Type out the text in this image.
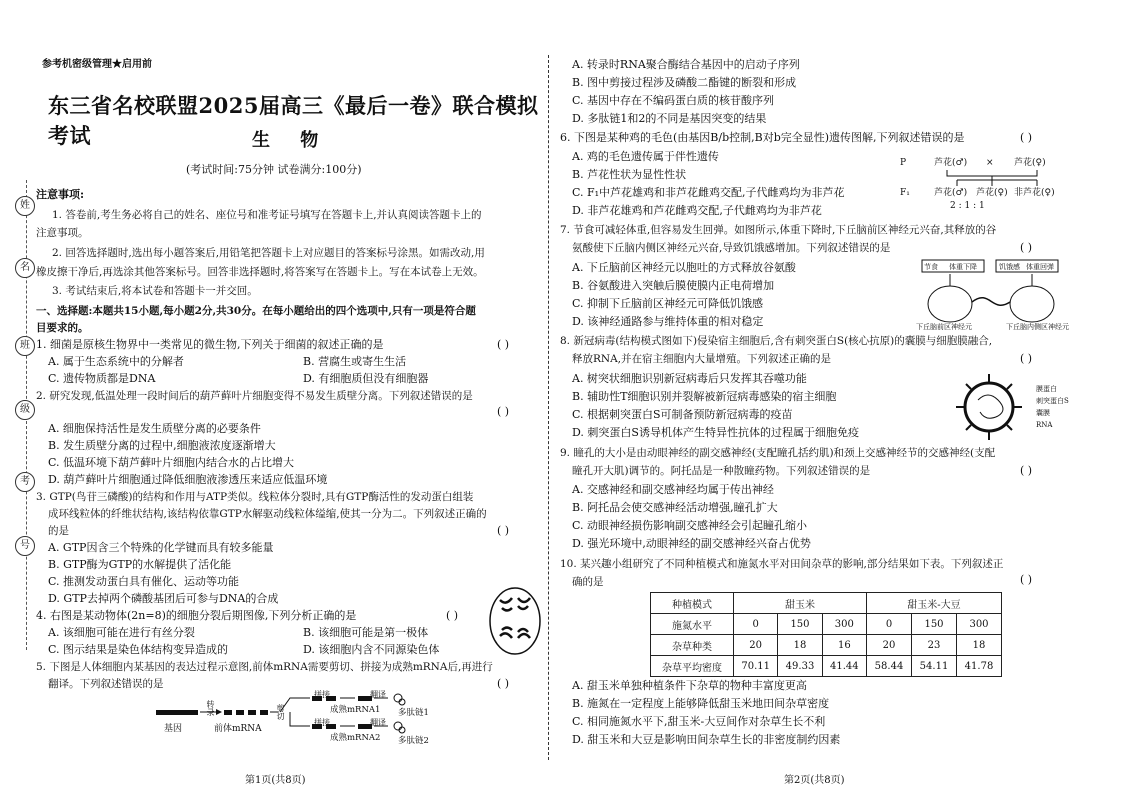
参考机密级管理★启用前
东三省名校联盟2025届高三《最后一卷》联合模拟考试	生 物
(考试时间:75分钟 试卷满分:100分)
姓
名
班
级
考
号
注意事项:
1. 答卷前,考生务必将自己的姓名、座位号和准考证号填写在答题卡上,并认真阅读答题卡上的
注意事项。
2. 回答选择题时,选出每小题答案后,用铅笔把答题卡上对应题目的答案标号涂黑。如需改动,用
橡皮擦干净后,再选涂其他答案标号。回答非选择题时,将答案写在答题卡上。写在本试卷上无效。
3. 考试结束后,将本试卷和答题卡一并交回。
一、选择题:本题共15小题,每小题2分,共30分。在每小题给出的四个选项中,只有一项是符合题
目要求的。
1. 细菌是原核生物界中一类常见的微生物,下列关于细菌的叙述正确的是	( )
A. 属于生态系统中的分解者	B. 营腐生或寄生生活
C. 遗传物质都是DNA	D. 有细胞质但没有细胞器
2. 研究发现,低温处理一段时间后的葫芦藓叶片细胞变得不易发生质壁分离。下列叙述错误的是
( )
A. 细胞保持活性是发生质壁分离的必要条件
B. 发生质壁分离的过程中,细胞液浓度逐渐增大
C. 低温环境下葫芦藓叶片细胞内结合水的占比增大
D. 葫芦藓叶片细胞通过降低细胞液渗透压来适应低温环境
3. GTP(鸟苷三磷酸)的结构和作用与ATP类似。线粒体分裂时,具有GTP酶活性的发动蛋白组装
成环线粒体的纤维状结构,该结构依靠GTP水解驱动线粒体缢缩,使其一分为二。下列叙述正确的
的是	( )
A. GTP因含三个特殊的化学键而具有较多能量
B. GTP酶为GTP的水解提供了活化能
C. 推测发动蛋白具有催化、运动等功能
D. GTP去掉两个磷酸基团后可参与DNA的合成
4. 右图是某动物体(2n=8)的细胞分裂后期图像,下列分析正确的是	( )
A. 该细胞可能在进行有丝分裂	B. 该细胞可能是第一极体
C. 图示结果是染色体结构变异造成的	D. 该细胞内含不同源染色体
5. 下图是人体细胞内某基因的表达过程示意图,前体mRNA需要剪切、拼接为成熟mRNA后,再进行
翻译。下列叙述错误的是	( )
基因
转录
前体mRNA
剪切
拼接
拼接
翻译
翻译
成熟mRNA1
成熟mRNA2
多肽链1
多肽链2
第1页(共8页)
A. 转录时RNA聚合酶结合基因中的启动子序列
B. 图中剪接过程涉及磷酸二酯键的断裂和形成
C. 基因中存在不编码蛋白质的核苷酸序列
D. 多肽链1和2的不同是基因突变的结果
6. 下图是某种鸡的毛色(由基因B/b控制,B对b完全显性)遗传图解,下列叙述错误的是	( )
A. 鸡的毛色遗传属于伴性遗传
B. 芦花性状为显性性状
C. F₁中芦花雄鸡和非芦花雌鸡交配,子代雌鸡均为非芦花
D. 非芦花雄鸡和芦花雌鸡交配,子代雌鸡均为非芦花
P	芦花(♂) × 芦花(♀)
F₁	芦花(♂) 芦花(♀) 非芦花(♀)
2 : 1 : 1
7. 节食可减轻体重,但容易发生回弹。如图所示,体重下降时,下丘脑前区神经元兴奋,其释放的谷
氨酸使下丘脑内侧区神经元兴奋,导致饥饿感增加。下列叙述错误的是	( )
A. 下丘脑前区神经元以胞吐的方式释放谷氨酸
B. 谷氨酸进入突触后膜使膜内正电荷增加
C. 抑制下丘脑前区神经元可降低饥饿感
D. 该神经通路参与维持体重的相对稳定
节食 体重下降	饥饿感 体重回弹
下丘脑前区神经元	下丘脑内侧区神经元
8. 新冠病毒(结构模式图如下)侵染宿主细胞后,含有刺突蛋白S(核心抗原)的囊膜与细胞膜融合,
释放RNA,并在宿主细胞内大量增殖。下列叙述正确的是	( )
A. 树突状细胞识别新冠病毒后只发挥其吞噬功能
B. 辅助性T细胞识别并裂解被新冠病毒感染的宿主细胞
C. 根据刺突蛋白S可制备预防新冠病毒的疫苗
D. 刺突蛋白S诱导机体产生特异性抗体的过程属于细胞免疫
膜蛋白
刺突蛋白S
囊膜
RNA
9. 瞳孔的大小是由动眼神经的副交感神经(支配瞳孔括约肌)和颈上交感神经节的交感神经(支配
瞳孔开大肌)调节的。阿托品是一种散瞳药物。下列叙述错误的是	( )
A. 交感神经和副交感神经均属于传出神经
B. 阿托品会使交感神经活动增强,瞳孔扩大
C. 动眼神经损伤影响副交感神经会引起瞳孔缩小
D. 强光环境中,动眼神经的副交感神经兴奋占优势
10. 某兴趣小组研究了不同种植模式和施氮水平对田间杂草的影响,部分结果如下表。下列叙述正
确的是	( )
A. 甜玉米单独种植条件下杂草的物种丰富度更高
B. 施氮在一定程度上能够降低甜玉米地田间杂草密度
C. 相同施氮水平下,甜玉米-大豆间作对杂草生长不利
D. 甜玉米和大豆是影响田间杂草生长的非密度制约因素
第2页(共8页)
种植模式	甜玉米			甜玉米-大豆		
施氮水平	0	150	300	0	150	300
杂草种类	20	18	16	20	23	18
杂草平均密度	70.11	49.33	41.44	58.44	54.11	41.78
